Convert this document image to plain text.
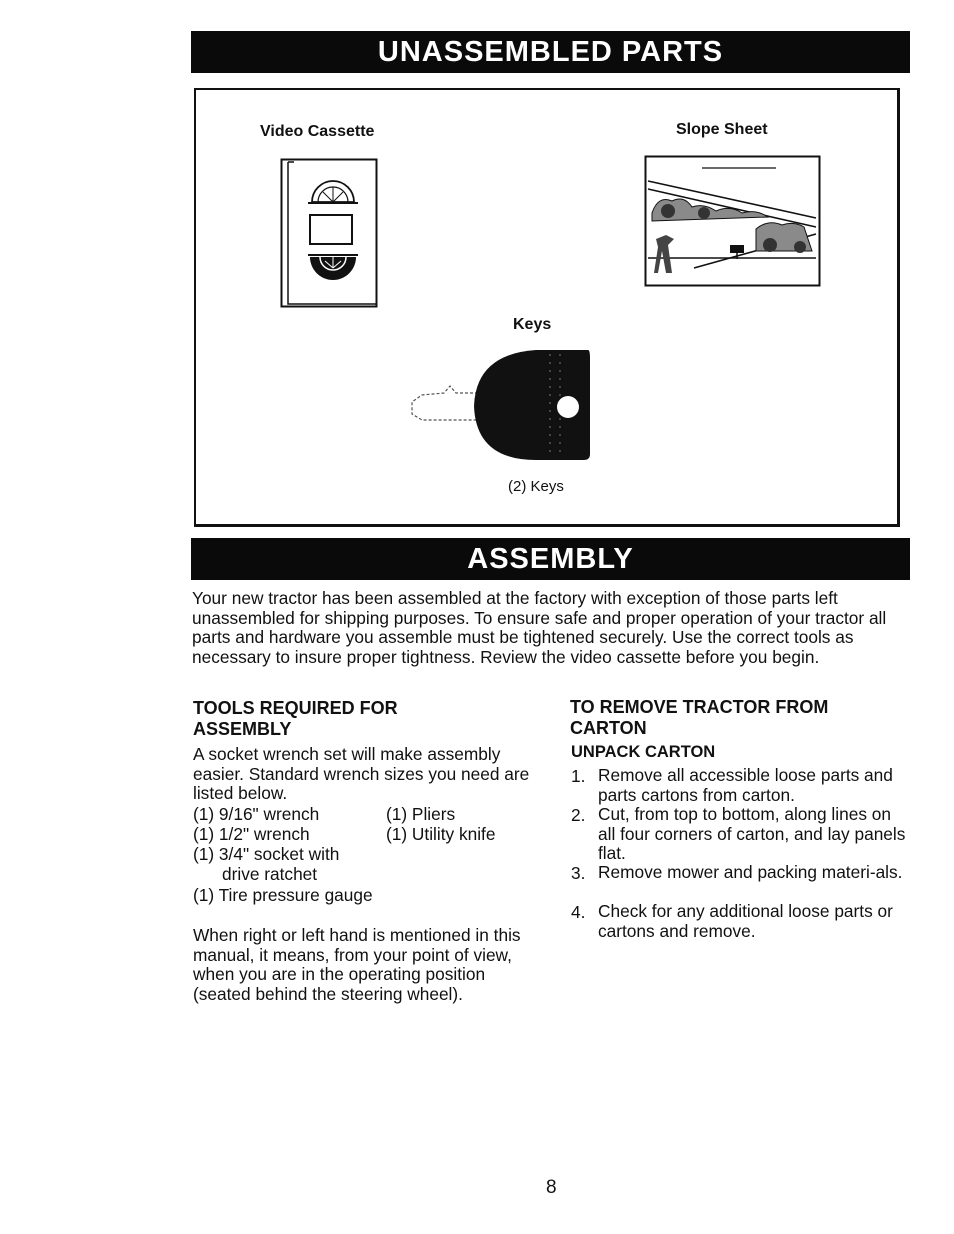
UNASSEMBLED PARTS
Video Cassette	Slope Sheet
Keys
(2) Keys
ASSEMBLY
Your new tractor has been assembled at the factory with exception of those parts left unassembled for shipping purposes. To ensure safe and proper operation of your tractor all parts and hardware you assemble must be tightened securely. Use the correct tools as necessary to insure proper tightness. Review the video cassette before you begin.
TOOLS REQUIRED FOR
ASSEMBLY
A socket wrench set will make assembly easier. Standard wrench sizes you need are listed below.
(1) 9/16" wrench
(1) 1/2" wrench
(1) 3/4" socket with
drive ratchet
(1) Tire pressure gauge
(1) Pliers
(1) Utility knife
When right or left hand is mentioned in this manual, it means, from your point of view, when you are in the operating position (seated behind the steering wheel).
TO REMOVE TRACTOR FROM
CARTON
UNPACK CARTON
1. Remove all accessible loose parts and parts cartons from carton.
2. Cut, from top to bottom, along lines on all four corners of carton, and lay panels flat.
3. Remove mower and packing materi-als.
4. Check for any additional loose parts or cartons and remove.
8
